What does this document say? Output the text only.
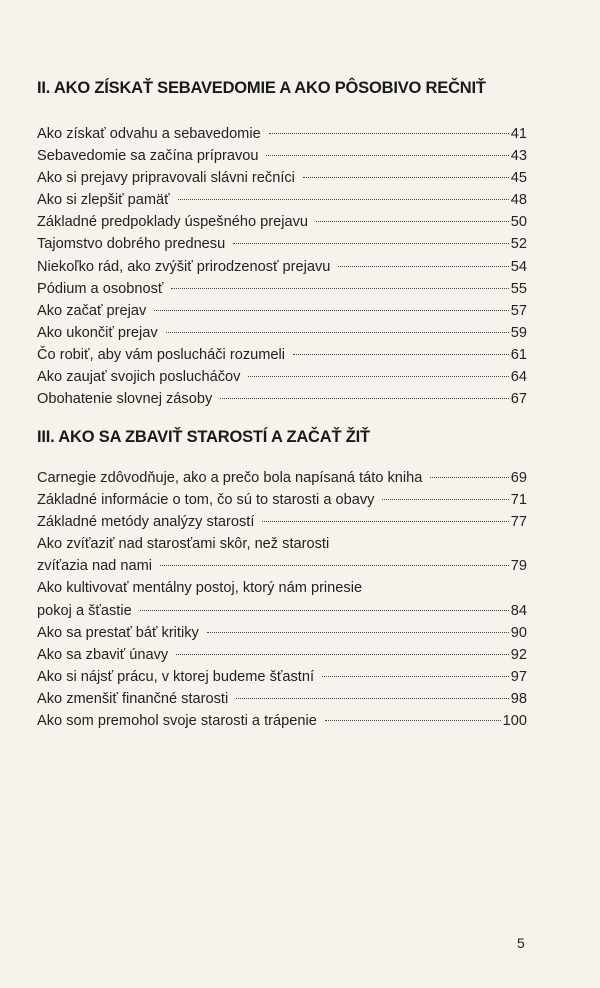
II. AKO ZÍSKAŤ SEBAVEDOMIE A AKO PÔSOBIVO REČNIŤ
Ako získať odvahu a sebavedomie	41
Sebavedomie sa začína prípravou	43
Ako si prejavy pripravovali slávni rečníci	45
Ako si zlepšiť pamäť	48
Základné predpoklady úspešného prejavu	50
Tajomstvo dobrého prednesu	52
Niekoľko rád, ako zvýšiť prirodzenosť prejavu	54
Pódium a osobnosť	55
Ako začať prejav	57
Ako ukončiť prejav	59
Čo robiť, aby vám poslucháči rozumeli	61
Ako zaujať svojich poslucháčov	64
Obohatenie slovnej zásoby	67
III. AKO SA ZBAVIŤ STAROSTÍ A ZAČAŤ ŽIŤ
Carnegie zdôvodňuje, ako a prečo bola napísaná táto kniha	69
Základné informácie o tom, čo sú to starosti a obavy	71
Základné metódy analýzy starostí	77
Ako zvíťaziť nad starosťami skôr, než starosti
zvíťazia nad nami	79
Ako kultivovať mentálny postoj, ktorý nám prinesie
pokoj a šťastie	84
Ako sa prestať báť kritiky	90
Ako sa zbaviť únavy	92
Ako si nájsť prácu, v ktorej budeme šťastní	97
Ako zmenšiť finančné starosti	98
Ako som premohol svoje starosti a trápenie	100
5
